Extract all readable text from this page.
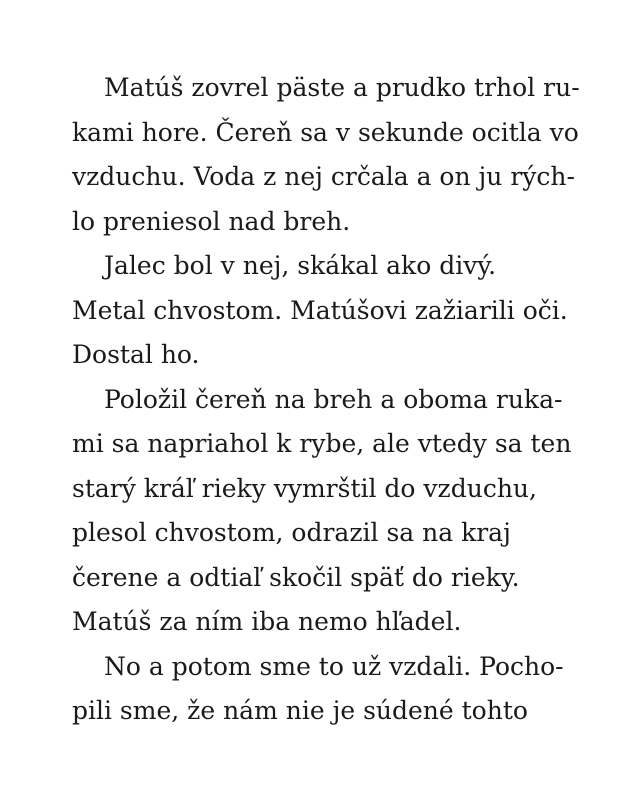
Matúš zovrel päste a prudko trhol ru-
kami hore. Čereň sa v sekunde ocitla vo
vzduchu. Voda z nej crčala a on ju rých-
lo preniesol nad breh.
Jalec bol v nej, skákal ako divý.
Metal chvostom. Matúšovi zažiarili oči.
Dostal ho.
Položil čereň na breh a oboma ruka-
mi sa napriahol k rybe, ale vtedy sa ten
starý kráľ rieky vymrštil do vzduchu,
plesol chvostom, odrazil sa na kraj
čerene a odtiaľ skočil späť do rieky.
Matúš za ním iba nemo hľadel.
No a potom sme to už vzdali. Pocho-
pili sme, že nám nie je súdené tohto
